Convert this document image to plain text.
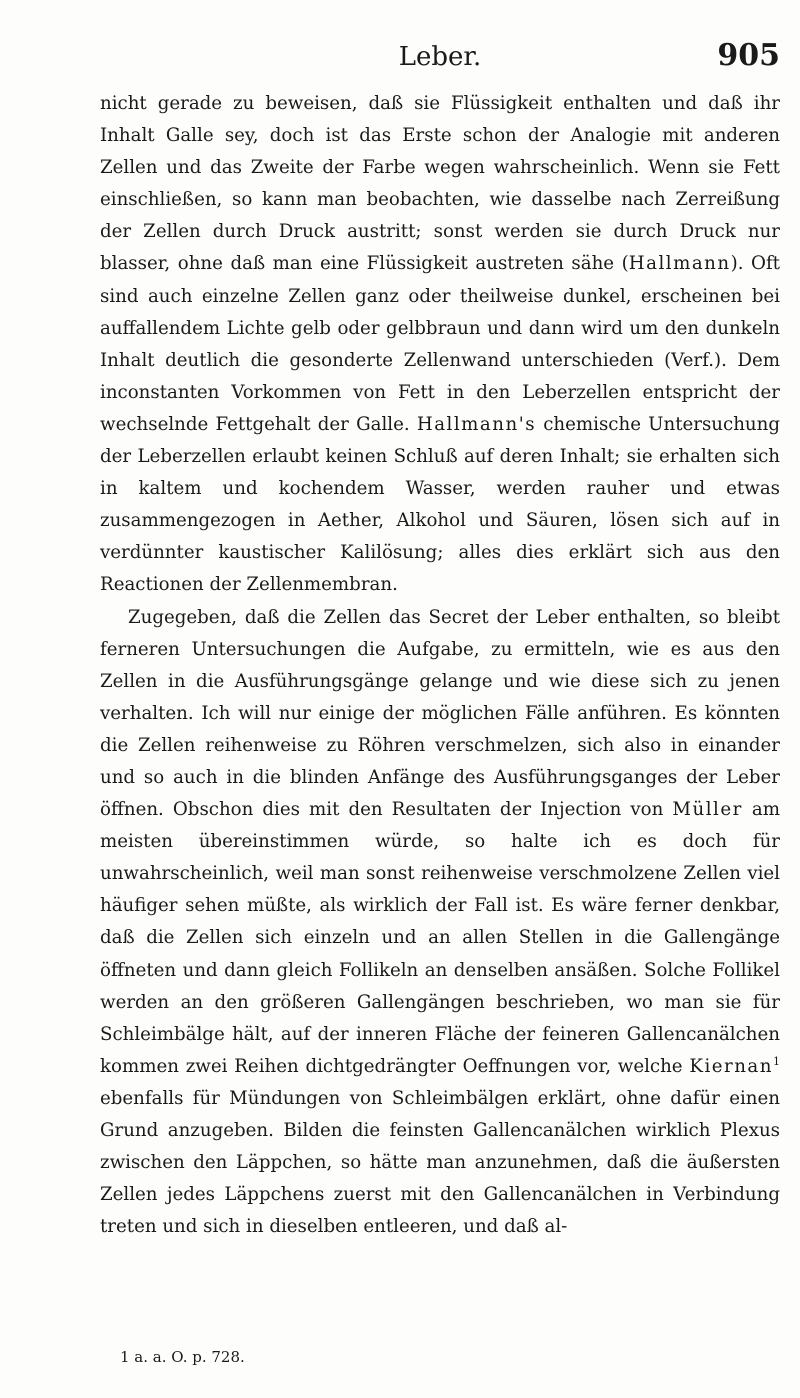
Leber.	905

nicht gerade zu beweisen, daß sie Flüssigkeit enthalten und daß ihr Inhalt Galle sey, doch ist das Erste schon der Analogie mit anderen Zellen und das Zweite der Farbe wegen wahrscheinlich. Wenn sie Fett einschließen, so kann man beobachten, wie dasselbe nach Zerreißung der Zellen durch Druck austritt; sonst werden sie durch Druck nur blasser, ohne daß man eine Flüssigkeit austreten sähe (Hallmann). Oft sind auch einzelne Zellen ganz oder theilweise dunkel, erscheinen bei auffallendem Lichte gelb oder gelbbraun und dann wird um den dunkeln Inhalt deutlich die gesonderte Zellenwand unterschieden (Verf.). Dem inconstanten Vorkommen von Fett in den Leberzellen entspricht der wechselnde Fettgehalt der Galle. Hallmann's chemische Untersuchung der Leberzellen erlaubt keinen Schluß auf deren Inhalt; sie erhalten sich in kaltem und kochendem Wasser, werden rauher und etwas zusammengezogen in Aether, Alkohol und Säuren, lösen sich auf in verdünnter kaustischer Kalilösung; alles dies erklärt sich aus den Reactionen der Zellenmembran.

Zugegeben, daß die Zellen das Secret der Leber enthalten, so bleibt ferneren Untersuchungen die Aufgabe, zu ermitteln, wie es aus den Zellen in die Ausführungsgänge gelange und wie diese sich zu jenen verhalten. Ich will nur einige der möglichen Fälle anführen. Es könnten die Zellen reihenweise zu Röhren verschmelzen, sich also in einander und so auch in die blinden Anfänge des Ausführungsganges der Leber öffnen. Obschon dies mit den Resultaten der Injection von Müller am meisten übereinstimmen würde, so halte ich es doch für unwahrscheinlich, weil man sonst reihenweise verschmolzene Zellen viel häufiger sehen müßte, als wirklich der Fall ist. Es wäre ferner denkbar, daß die Zellen sich einzeln und an allen Stellen in die Gallengänge öffneten und dann gleich Follikeln an denselben ansäßen. Solche Follikel werden an den größeren Gallengängen beschrieben, wo man sie für Schleimbälge hält, auf der inneren Fläche der feineren Gallencanälchen kommen zwei Reihen dichtgedrängter Oeffnungen vor, welche Kiernan$^1$ ebenfalls für Mündungen von Schleimbälgen erklärt, ohne dafür einen Grund anzugeben. Bilden die feinsten Gallencanälchen wirklich Plexus zwischen den Läppchen, so hätte man anzunehmen, daß die äußersten Zellen jedes Läppchens zuerst mit den Gallencanälchen in Verbindung treten und sich in dieselben entleeren, und daß al-

1 a. a. O. p. 728.
